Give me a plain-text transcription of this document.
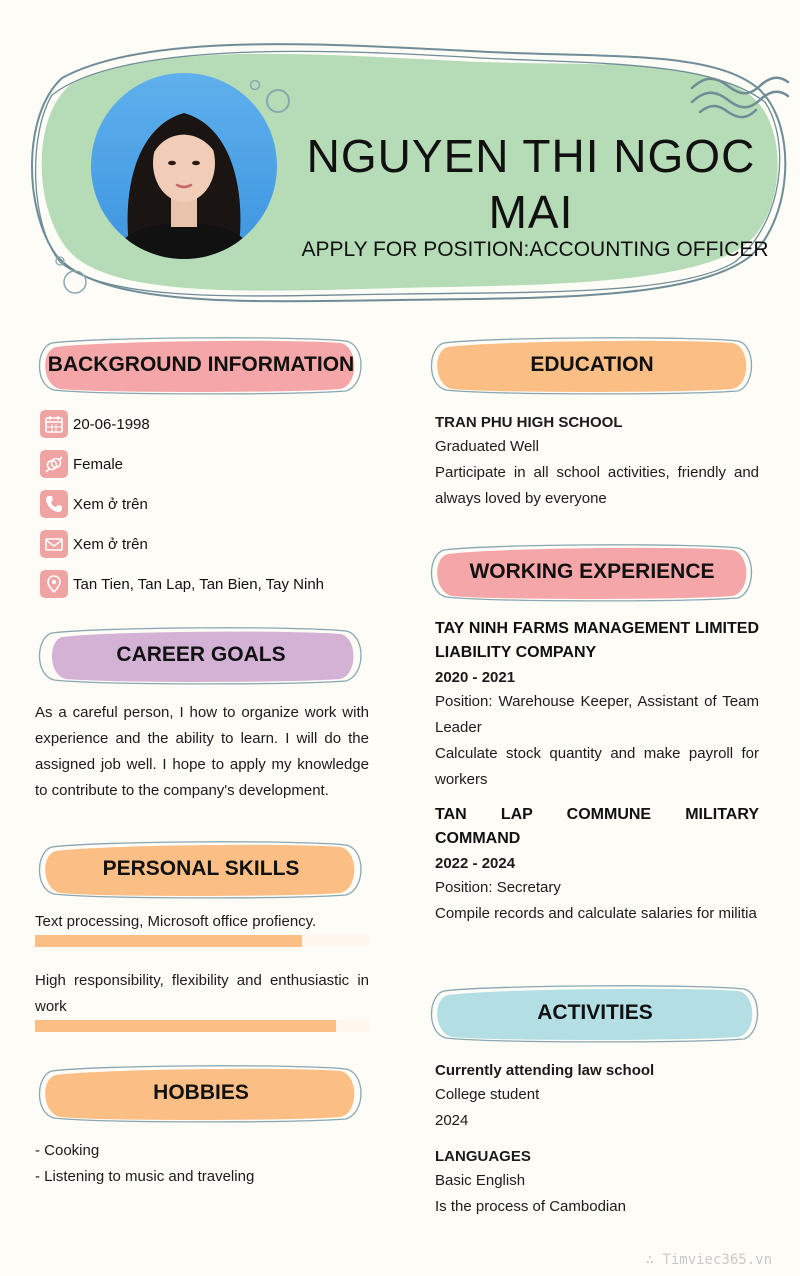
NGUYEN THI NGOC
MAI
APPLY FOR POSITION:ACCOUNTING OFFICER
BACKGROUND INFORMATION
20-06-1998
Female
Xem ở trên
Xem ở trên
Tan Tien, Tan Lap, Tan Bien, Tay Ninh
CAREER GOALS
As a careful person, I how to organize work with experience and the ability to learn. I will do the assigned job well. I hope to apply my knowledge to contribute to the company's development.
PERSONAL SKILLS
Text processing, Microsoft office profiency.
High responsibility, flexibility and enthusiastic in work
HOBBIES
- Cooking
- Listening to music and traveling
EDUCATION
TRAN PHU HIGH SCHOOL
Graduated Well
Participate in all school activities, friendly and always loved by everyone
WORKING EXPERIENCE
TAY NINH FARMS MANAGEMENT LIMITED LIABILITY COMPANY
2020 - 2021
Position: Warehouse Keeper, Assistant of Team Leader
Calculate stock quantity and make payroll for workers
TAN LAP COMMUNE MILITARY COMMAND
2022 - 2024
Position: Secretary
Compile records and calculate salaries for militia
ACTIVITIES
Currently attending law school
College student
2024
LANGUAGES
Basic English
Is the process of Cambodian
∴ Timviec365.vn
